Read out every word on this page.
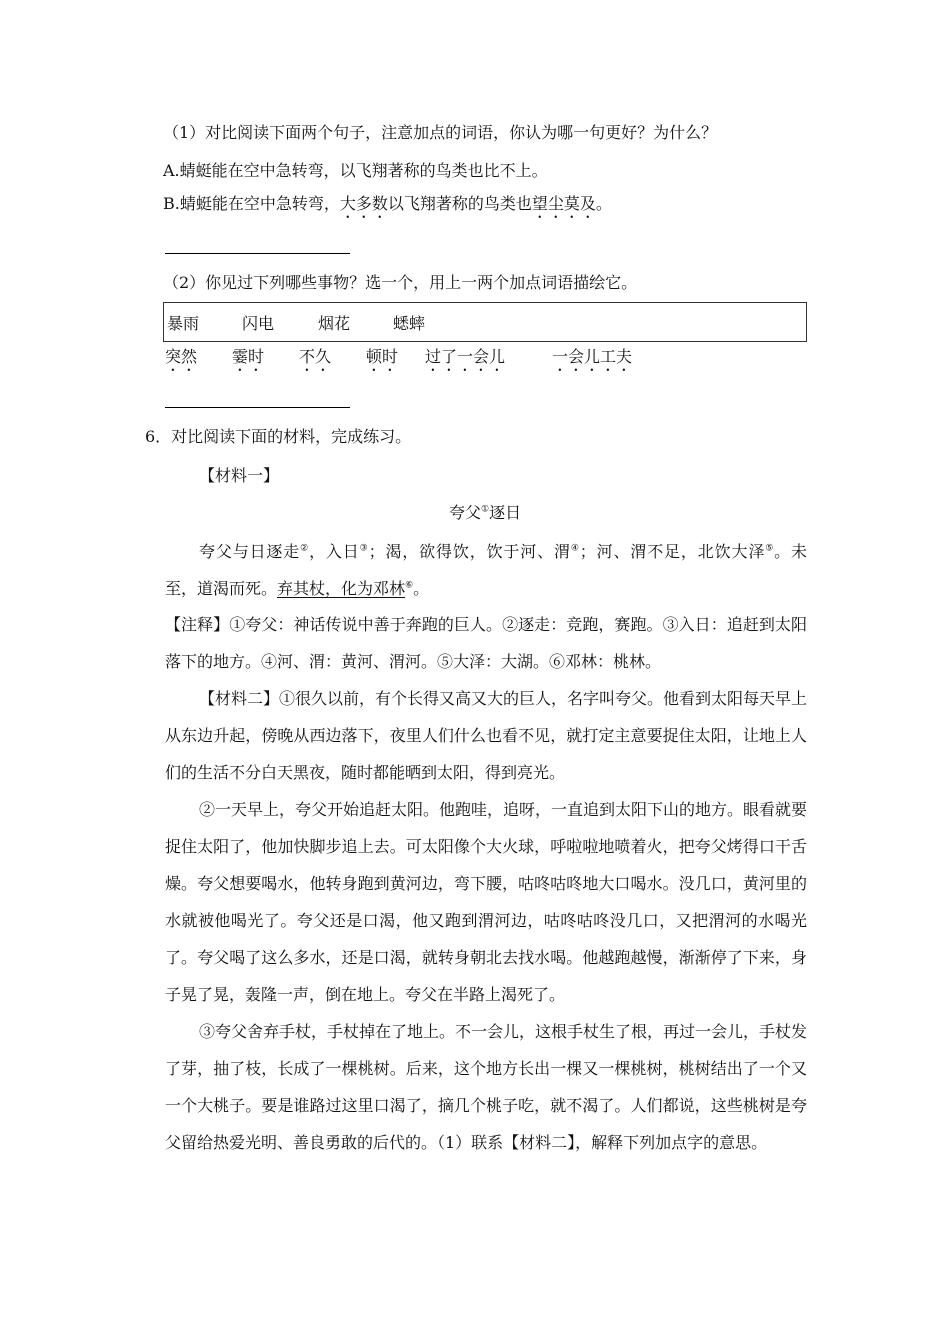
（1）对比阅读下面两个句子，注意加点的词语，你认为哪一句更好？为什么？
A.蜻蜓能在空中急转弯，以飞翔著称的鸟类也比不上。
B.蜻蜓能在空中急转弯，大多数以飞翔著称的鸟类也望尘莫及。
（2）你见过下列哪些事物？选一个，用上一两个加点词语描绘它。
暴雨	闪电	烟花	蟋蟀
突然 霎时 不久 顿时 过了一会儿	一会儿工夫
6．对比阅读下面的材料，完成练习。
【材料一】
夸父①逐日
夸父与日逐走②，入日③；渴，欲得饮，饮于河、渭④；河、渭不足，北饮大泽⑤。未至，道渴而死。弃其杖，化为邓林⑥。
【注释】①夸父：神话传说中善于奔跑的巨人。②逐走：竞跑，赛跑。③入日：追赶到太阳落下的地方。④河、渭：黄河、渭河。⑤大泽：大湖。⑥邓林：桃林。
【材料二】①很久以前，有个长得又高又大的巨人，名字叫夸父。他看到太阳每天早上从东边升起，傍晚从西边落下，夜里人们什么也看不见，就打定主意要捉住太阳，让地上人们的生活不分白天黑夜，随时都能晒到太阳，得到亮光。
②一天早上，夸父开始追赶太阳。他跑哇，追呀，一直追到太阳下山的地方。眼看就要捉住太阳了，他加快脚步追上去。可太阳像个大火球，呼啦啦地喷着火，把夸父烤得口干舌燥。夸父想要喝水，他转身跑到黄河边，弯下腰，咕咚咕咚地大口喝水。没几口，黄河里的水就被他喝光了。夸父还是口渴，他又跑到渭河边，咕咚咕咚没几口，又把渭河的水喝光了。夸父喝了这么多水，还是口渴，就转身朝北去找水喝。他越跑越慢，渐渐停了下来，身子晃了晃，轰隆一声，倒在地上。夸父在半路上渴死了。
③夸父舍弃手杖，手杖掉在了地上。不一会儿，这根手杖生了根，再过一会儿，手杖发了芽，抽了枝，长成了一棵桃树。后来，这个地方长出一棵又一棵桃树，桃树结出了一个又一个大桃子。要是谁路过这里口渴了，摘几个桃子吃，就不渴了。人们都说，这些桃树是夸父留给热爱光明、善良勇敢的后代的。（1）联系【材料二】，解释下列加点字的意思。
